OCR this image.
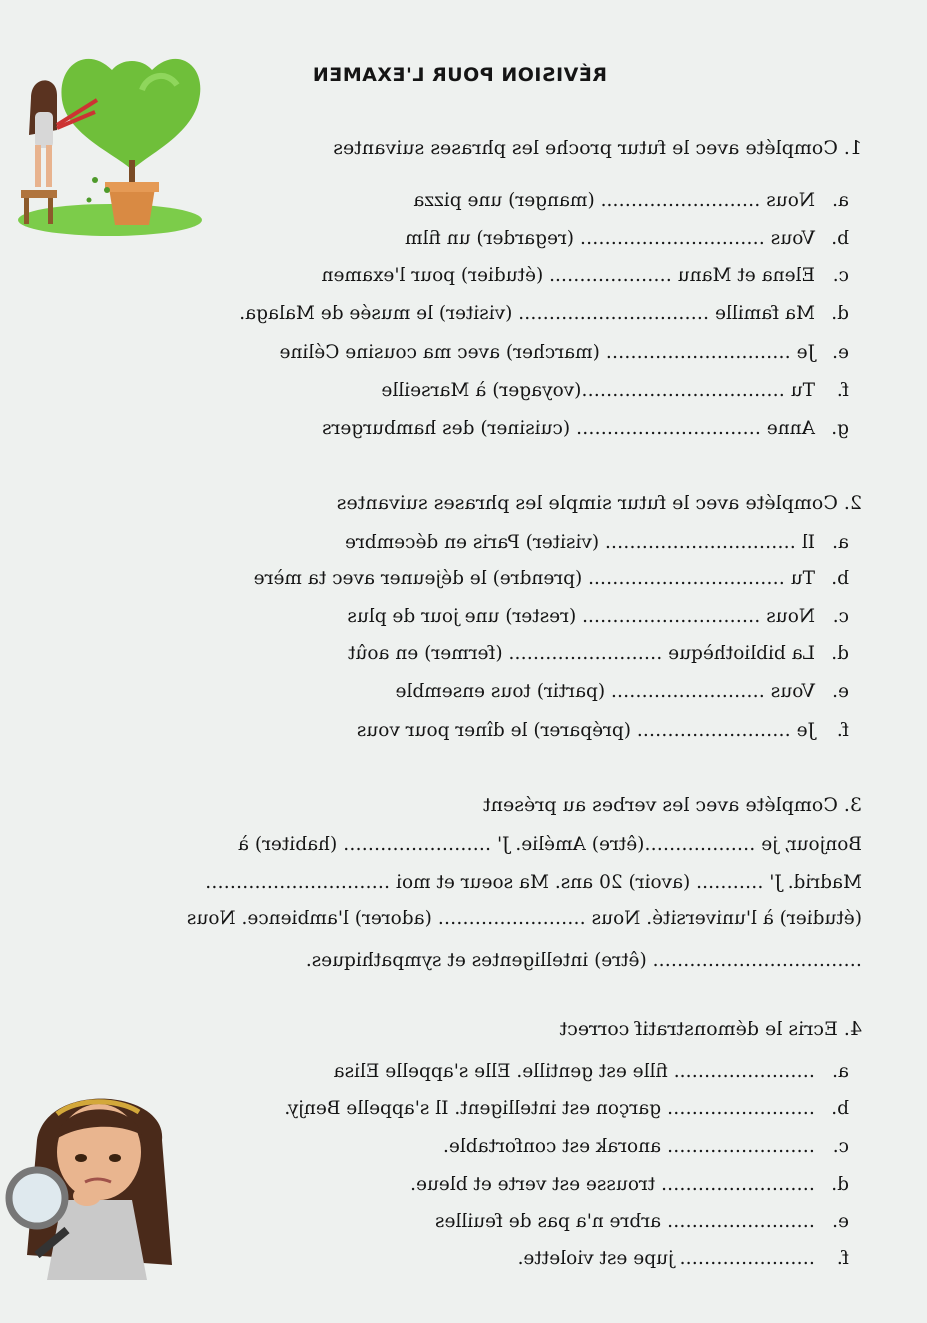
RÉVISION POUR L'EXAMEN
1. Compléte avec le futur proche les phrases suivantes
a.Nous …………………….. (manger) une pizza
b.Vous ………………………… (regarder) un film
c.Elena et Manu ……………….. (étudier) pour l'examen
d.Ma famille …………………………. (visiter) le musée de Malaga.
e.Je ………………………… (marcher) avec ma cousine Céline
f.Tu ……………………………(voyager) à Marseille
g.Anne ………………………… (cuisiner) des hamburgers
2. Compléte avec le futur simple les phrases suivantes
a.Il …………………………. (visiter) Paris en décembre
b.Tu ………………………….. (prendre) le déjeuner avec ta mère
c.Nous ……………………….. (rester) une jour de plus
d.La bibliothèque ……………………. (fermer) en août
e.Vous ……………………. (partir) tous ensemble
f.Je ……………………. (préparer) le dîner pour vous
3. Compléte avec les verbes au présent
Bonjour, je ………………(être) Amélie. J' …………………… (habiter) à
Madrid. J' ……….. (avoir) 20 ans. Ma soeur et moi …………………………
(étudier) à l'université. Nous …………………… (adorer) l'ambience. Nous
……………………………. (être) intelligentes et sympathiques.
4. Ecris le démonstratif correct
a.………………….. fille est gentille. Elle s'appelle Elisa
b.…………………… garçon est intelligent. Il s'appelle Benjy.
c.…………………… anorak est confortable.
d.……………………. trousse est verte et bleue.
e.…………………… arbre n'a pas de feuilles
f.…………………. jupe est violette.
